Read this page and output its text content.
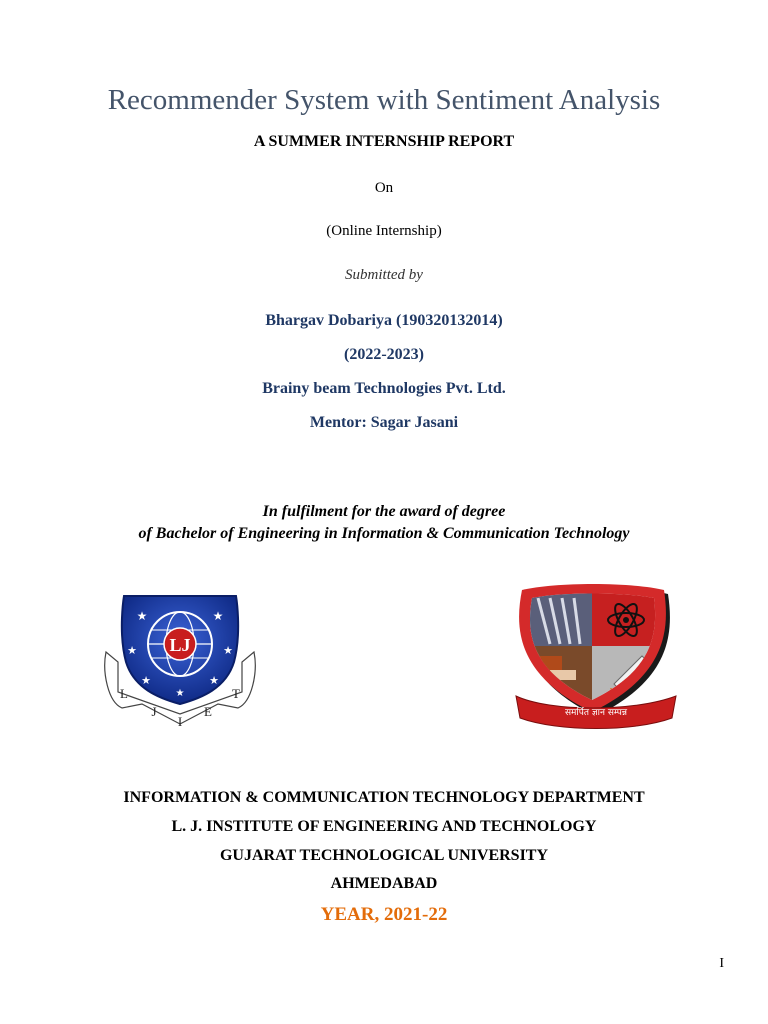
Recommender System with Sentiment Analysis
A SUMMER INTERNSHIP REPORT
On
(Online Internship)
Submitted by
Bhargav Dobariya (190320132014)
(2022-2023)
Brainy beam Technologies Pvt. Ltd.
Mentor: Sagar Jasani
In fulfilment for the award of degree
of Bachelor of Engineering in Information & Communication Technology
★	★
★	★
★	★
★
LJ
L
J
I
E
T
समर्पित ज्ञान सम्पन्न
INFORMATION & COMMUNICATION TECHNOLOGY DEPARTMENT
L. J. INSTITUTE OF ENGINEERING AND TECHNOLOGY
GUJARAT TECHNOLOGICAL UNIVERSITY
AHMEDABAD
YEAR, 2021-22
I
